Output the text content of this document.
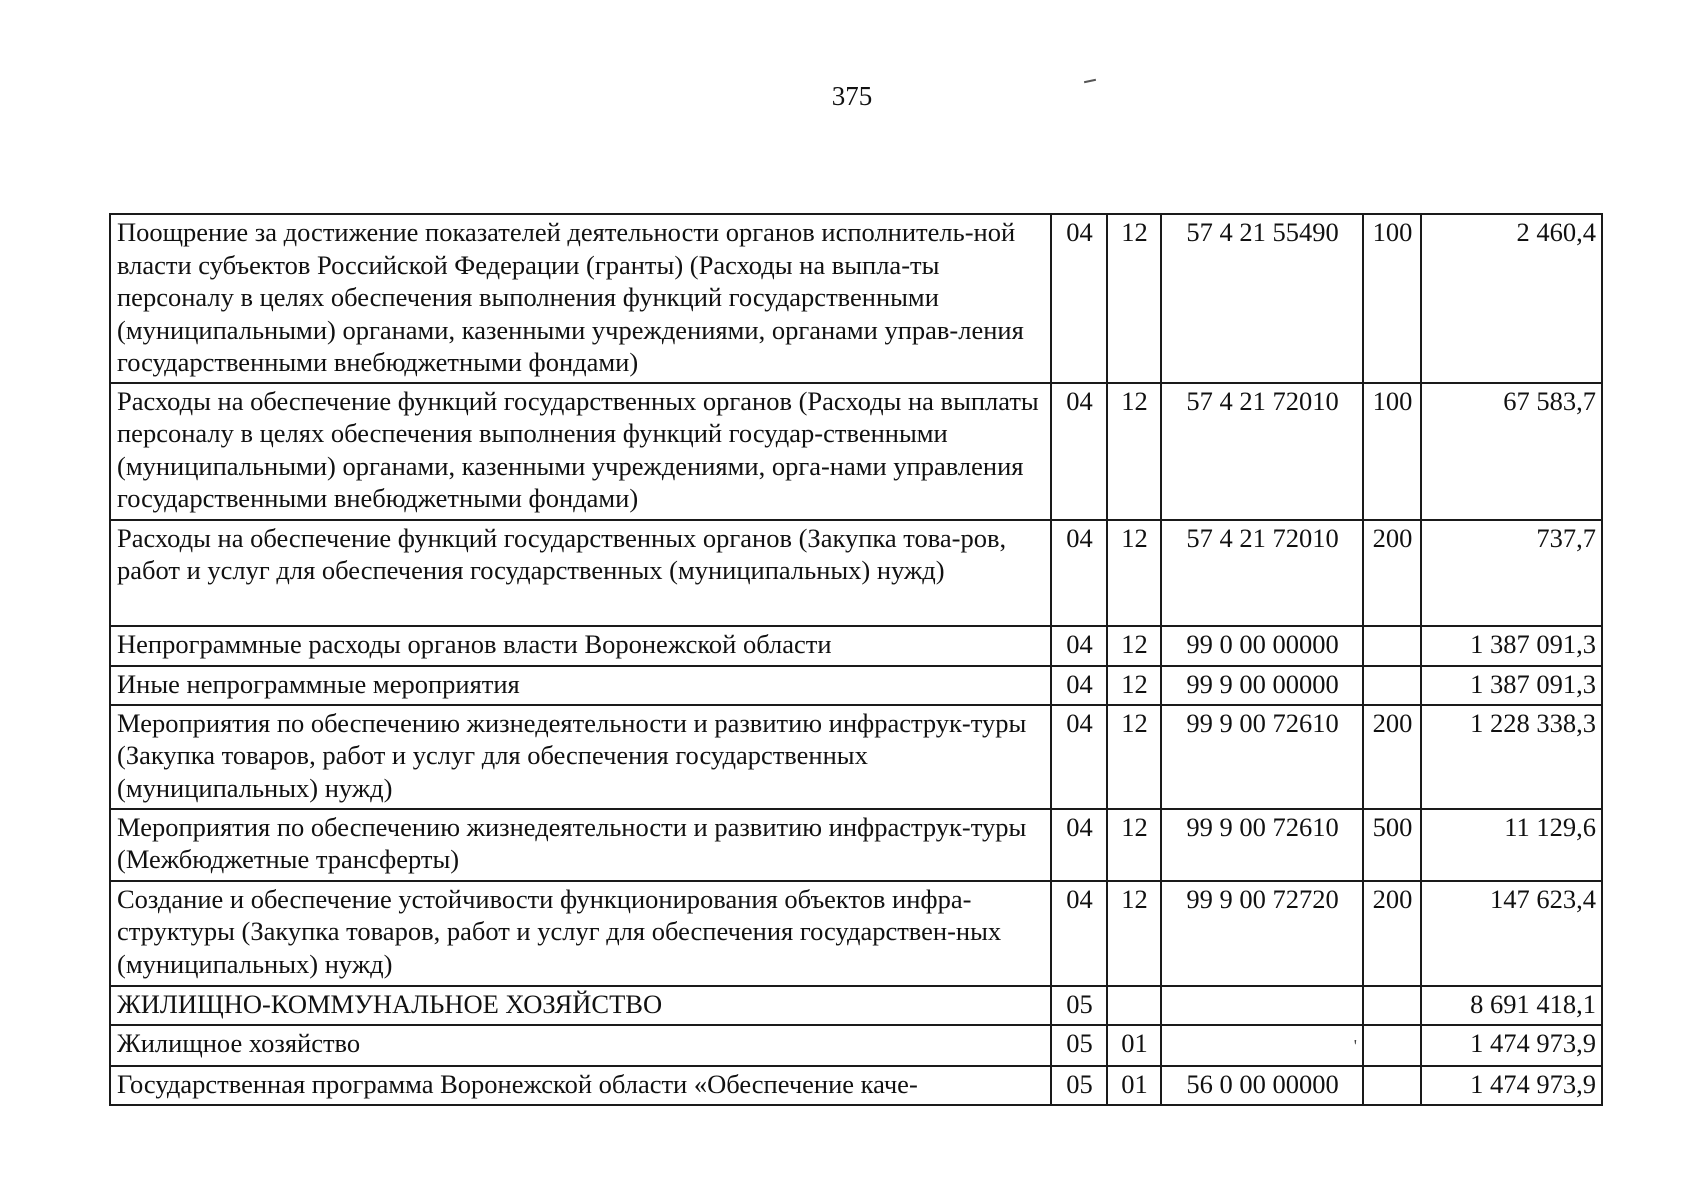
375
Поощрение за достижение показателей деятельности органов исполнитель-ной власти субъектов Российской Федерации (гранты) (Расходы на выпла-ты персоналу в целях обеспечения выполнения функций государственными (муниципальными) органами, казенными учреждениями, органами управ-ления государственными внебюджетными фондами)	04	12	57 4 21 55490	100	2 460,4
Расходы на обеспечение функций государственных органов (Расходы на выплаты персоналу в целях обеспечения выполнения функций государ-ственными (муниципальными) органами, казенными учреждениями, орга-нами управления государственными внебюджетными фондами)	04	12	57 4 21 72010	100	67 583,7
Расходы на обеспечение функций государственных органов (Закупка това-ров, работ и услуг для обеспечения государственных (муниципальных) нужд)	04	12	57 4 21 72010	200	737,7
Непрограммные расходы органов власти Воронежской области	04	12	99 0 00 00000		1 387 091,3
Иные непрограммные мероприятия	04	12	99 9 00 00000		1 387 091,3
Мероприятия по обеспечению жизнедеятельности и развитию инфраструк-туры (Закупка товаров, работ и услуг для обеспечения государственных (муниципальных) нужд)	04	12	99 9 00 72610	200	1 228 338,3
Мероприятия по обеспечению жизнедеятельности и развитию инфраструк-туры (Межбюджетные трансферты)	04	12	99 9 00 72610	500	11 129,6
Создание и обеспечение устойчивости функционирования объектов инфра-структуры (Закупка товаров, работ и услуг для обеспечения государствен-ных (муниципальных) нужд)	04	12	99 9 00 72720	200	147 623,4
ЖИЛИЩНО-КОММУНАЛЬНОЕ ХОЗЯЙСТВО	05				8 691 418,1
Жилищное хозяйство	05	01	'		1 474 973,9
Государственная программа Воронежской области «Обеспечение каче-	05	01	56 0 00 00000		1 474 973,9
